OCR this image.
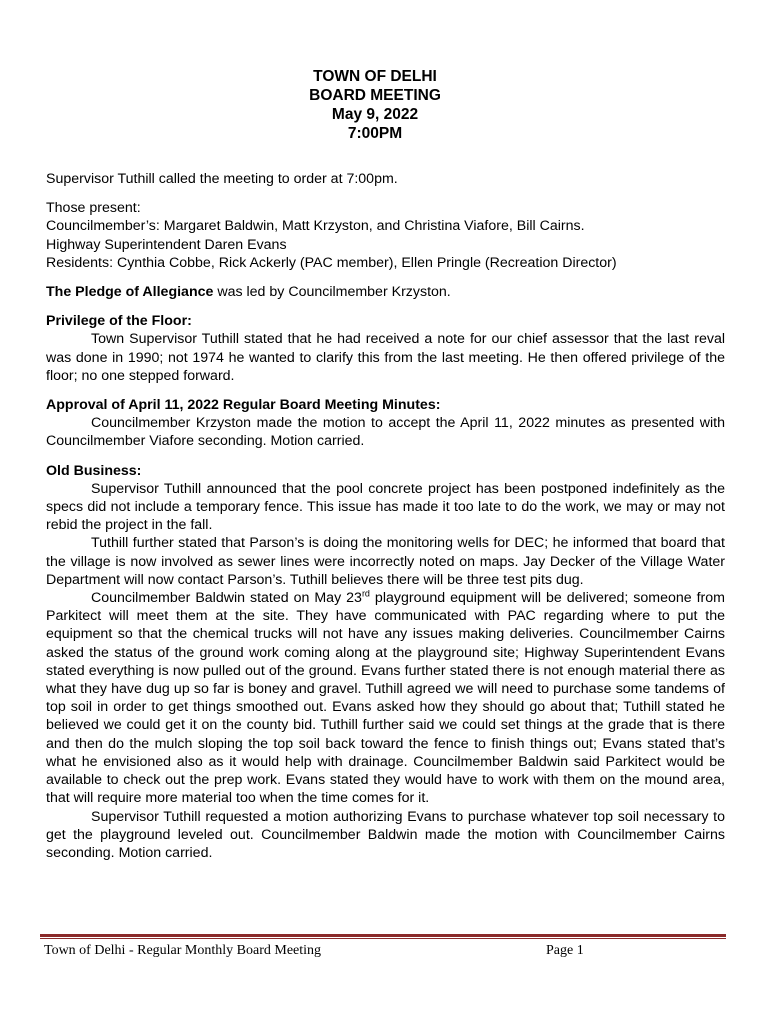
TOWN OF DELHI
BOARD MEETING
May 9, 2022
7:00PM

Supervisor Tuthill called the meeting to order at 7:00pm.

Those present:

Councilmember’s: Margaret Baldwin, Matt Krzyston, and Christina Viafore, Bill Cairns.

Highway Superintendent Daren Evans

Residents: Cynthia Cobbe, Rick Ackerly (PAC member), Ellen Pringle (Recreation Director)

The Pledge of Allegiance was led by Councilmember Krzyston.

Privilege of the Floor:

Town Supervisor Tuthill stated that he had received a note for our chief assessor that the last reval was done in 1990; not 1974 he wanted to clarify this from the last meeting. He then offered privilege of the floor; no one stepped forward.

Approval of April 11, 2022 Regular Board Meeting Minutes:

Councilmember Krzyston made the motion to accept the April 11, 2022 minutes as presented with Councilmember Viafore seconding. Motion carried.

Old Business:

Supervisor Tuthill announced that the pool concrete project has been postponed indefinitely as the specs did not include a temporary fence. This issue has made it too late to do the work, we may or may not rebid the project in the fall.

Tuthill further stated that Parson’s is doing the monitoring wells for DEC; he informed that board that the village is now involved as sewer lines were incorrectly noted on maps. Jay Decker of the Village Water Department will now contact Parson’s. Tuthill believes there will be three test pits dug.

Councilmember Baldwin stated on May 23rd playground equipment will be delivered; someone from Parkitect will meet them at the site. They have communicated with PAC regarding where to put the equipment so that the chemical trucks will not have any issues making deliveries. Councilmember Cairns asked the status of the ground work coming along at the playground site; Highway Superintendent Evans stated everything is now pulled out of the ground. Evans further stated there is not enough material there as what they have dug up so far is boney and gravel. Tuthill agreed we will need to purchase some tandems of top soil in order to get things smoothed out. Evans asked how they should go about that; Tuthill stated he believed we could get it on the county bid. Tuthill further said we could set things at the grade that is there and then do the mulch sloping the top soil back toward the fence to finish things out; Evans stated that’s what he envisioned also as it would help with drainage. Councilmember Baldwin said Parkitect would be available to check out the prep work. Evans stated they would have to work with them on the mound area, that will require more material too when the time comes for it.

Supervisor Tuthill requested a motion authorizing Evans to purchase whatever top soil necessary to get the playground leveled out. Councilmember Baldwin made the motion with Councilmember Cairns seconding. Motion carried.

Town of Delhi - Regular Monthly Board Meeting	Page 1
